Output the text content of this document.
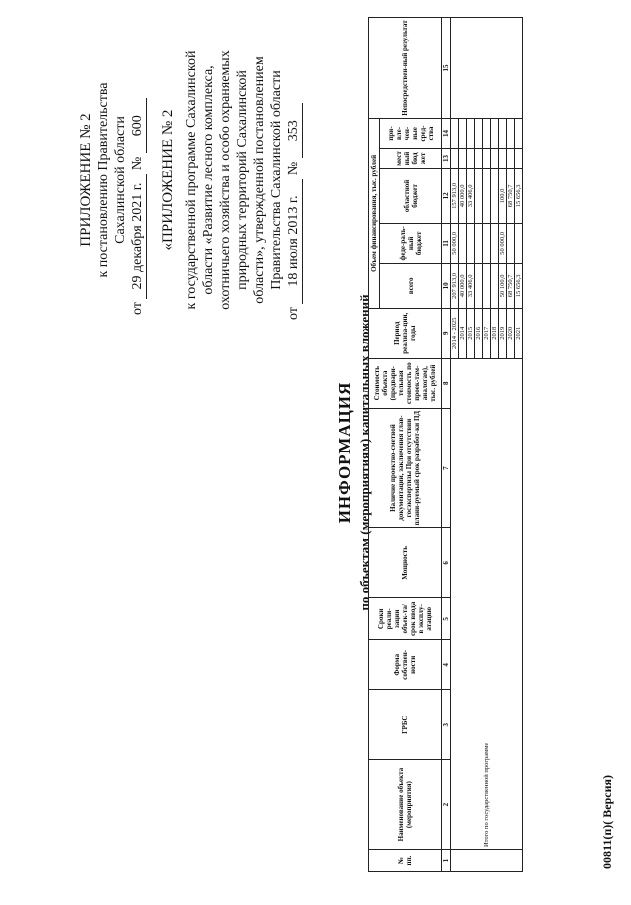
ПРИЛОЖЕНИЕ № 2 к постановлению Правительства Сахалинской области
от 29 декабря 2021 г. № 600 «ПРИЛОЖЕНИЕ № 2 к государственной программе Сахалинской области «Развитие лесного комплекса, охотничьего хозяйства и особо охраняемых природных территорий Сахалинской области», утвержденной постановлением Правительства Сахалинской области
от 18 июля 2013 г. № 353
ИНФОРМАЦИЯ по объектам (мероприятиям) капитальных вложений
№ пп.	Наименование объекта (мероприятия)	ГРБС	Форма собствен-ности	Сроки реали-зации объек-та/срок ввода в эксплу-атацию	Мощность	Наличие проектно-сметной документации, заключения глав-госэкспертизы При отсутствии плани-руемый срок разработ-ки ПД	Стоимость объекта (предвари-тельная стоимость по проек-там-аналогам), тыс. рублей	Период реализа-ции, годы	Объем финансирования, тыс. рублей					Непосредствен-ный результат
									всего	феде-раль-ный бюджет	областной бюджет	мест ный бюд жет	при-вле-чен-ные сред-ства	
1	2	3	4	5	6	7	8	9	10	11	12	13	14	15
	Итого по государственной программе							2014 - 2025	207 913,0	50 000,0	157 913,0			
								2014	40 000,0		40 000,0			
								2015	33 406,0		33 406,0			
								2016						
								2017						
								2018						
								2019	50 100,0	50 000,0	100,0			
								2020	68 750,7		68 750,7			
								2021	15 656,3		15 656,3			
00811(п)( Версия)
